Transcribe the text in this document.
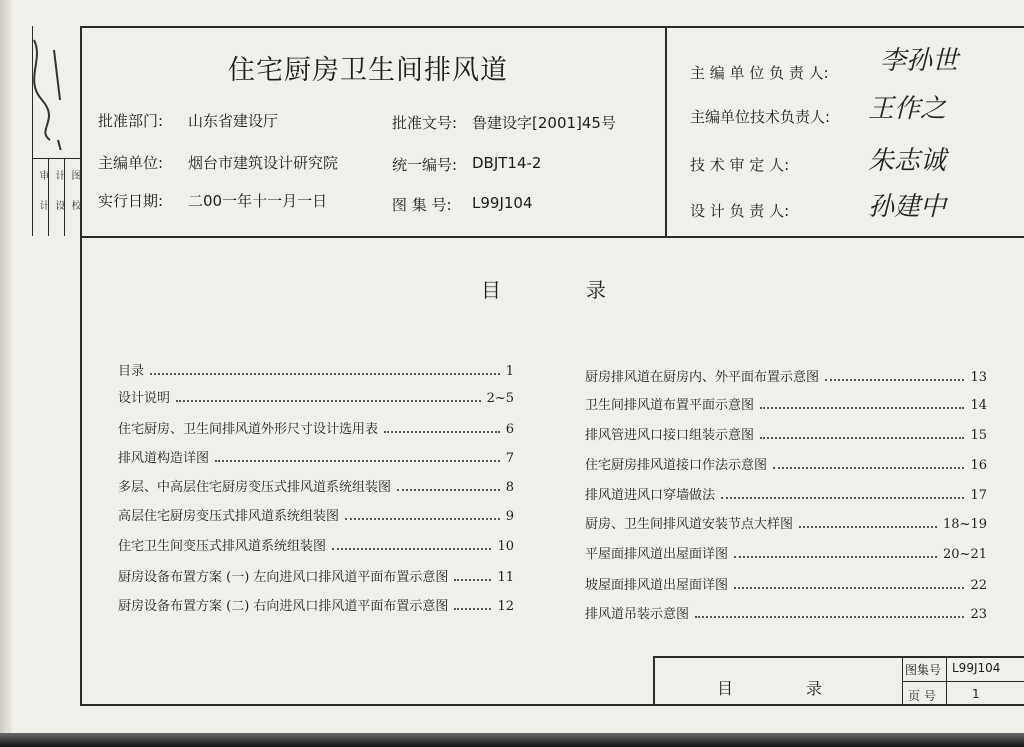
图
计
审
校
设
计
住宅厨房卫生间排风道
批准部门: 山东省建设厅	批准文号: 鲁建设字[2001]45号
主编单位: 烟台市建筑设计研究院	统一编号: DBJT14-2
实行日期: 二00一年十一月一日	图 集 号: L99J104
主 编 单 位 负 责 人: 李孙世
主编单位技术负责人: 王作之
技 术 审 定 人:	朱志诚
设 计 负 责 人:	孙建中
目	录
目录	1
设计说明	2~5
住宅厨房、卫生间排风道外形尺寸设计选用表	6
排风道构造详图	7
多层、中高层住宅厨房变压式排风道系统组装图	8
高层住宅厨房变压式排风道系统组装图	9
住宅卫生间变压式排风道系统组装图	10
厨房设备布置方案 (一) 左向进风口排风道平面布置示意图	11
厨房设备布置方案 (二) 右向进风口排风道平面布置示意图	12
厨房排风道在厨房内、外平面布置示意图	13
卫生间排风道布置平面示意图	14
排风管进风口接口组装示意图	15
住宅厨房排风道接口作法示意图	16
排风道进风口穿墙做法	17
厨房、卫生间排风道安装节点大样图	18~19
平屋面排风道出屋面详图	20~21
坡屋面排风道出屋面详图	22
排风道吊装示意图	23
目	录
图集号 L99J104
页 号	1
